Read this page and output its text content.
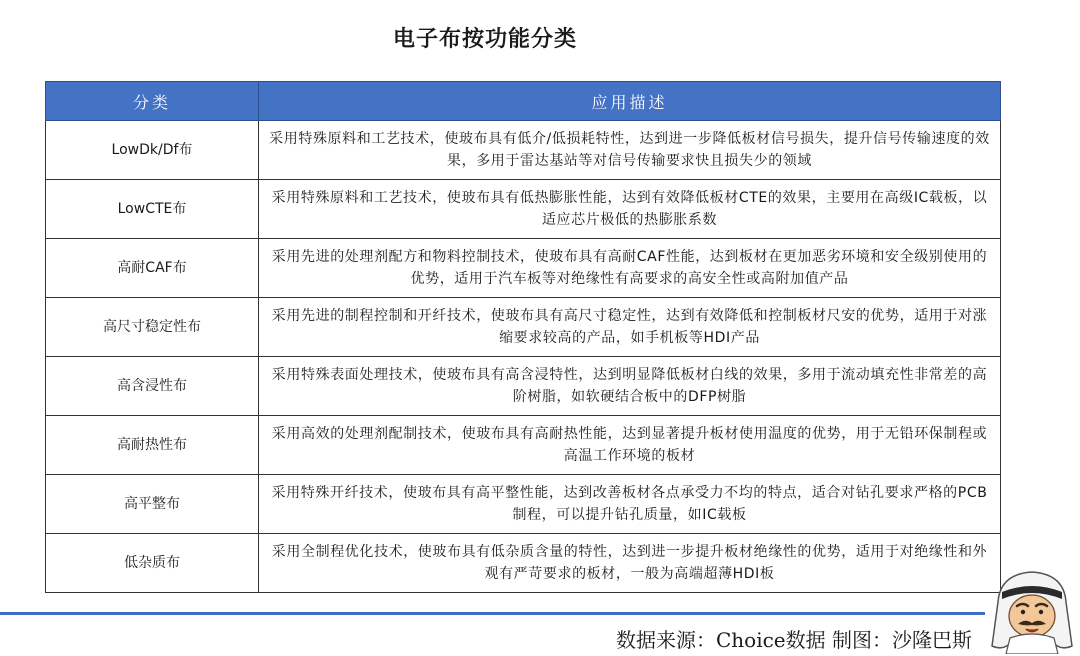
电子布按功能分类
分类	应用描述
LowDk/Df布	采用特殊原料和工艺技术，使玻布具有低介/低损耗特性，达到进一步降低板材信号损失，提升信号传输速度的效果，多用于雷达基站等对信号传输要求快且损失少的领域
LowCTE布	采用特殊原料和工艺技术，使玻布具有低热膨胀性能，达到有效降低板材CTE的效果，主要用在高级IC载板，以适应芯片极低的热膨胀系数
高耐CAF布	采用先进的处理剂配方和物料控制技术，使玻布具有高耐CAF性能，达到板材在更加恶劣环境和安全级别使用的优势，适用于汽车板等对绝缘性有高要求的高安全性或高附加值产品
高尺寸稳定性布	采用先进的制程控制和开纤技术，使玻布具有高尺寸稳定性，达到有效降低和控制板材尺安的优势，适用于对涨缩要求较高的产品，如手机板等HDI产品
高含浸性布	采用特殊表面处理技术，使玻布具有高含浸特性，达到明显降低板材白线的效果，多用于流动填充性非常差的高阶树脂，如软硬结合板中的DFP树脂
高耐热性布	采用高效的处理剂配制技术，使玻布具有高耐热性能，达到显著提升板材使用温度的优势，用于无铅环保制程或高温工作环境的板材
高平整布	采用特殊开纤技术，使玻布具有高平整性能，达到改善板材各点承受力不均的特点，适合对钻孔要求严格的PCB制程，可以提升钻孔质量，如IC载板
低杂质布	采用全制程优化技术，使玻布具有低杂质含量的特性，达到进一步提升板材绝缘性的优势，适用于对绝缘性和外观有严苛要求的板材，一般为高端超薄HDI板
数据来源：Choice数据 制图：沙隆巴斯
